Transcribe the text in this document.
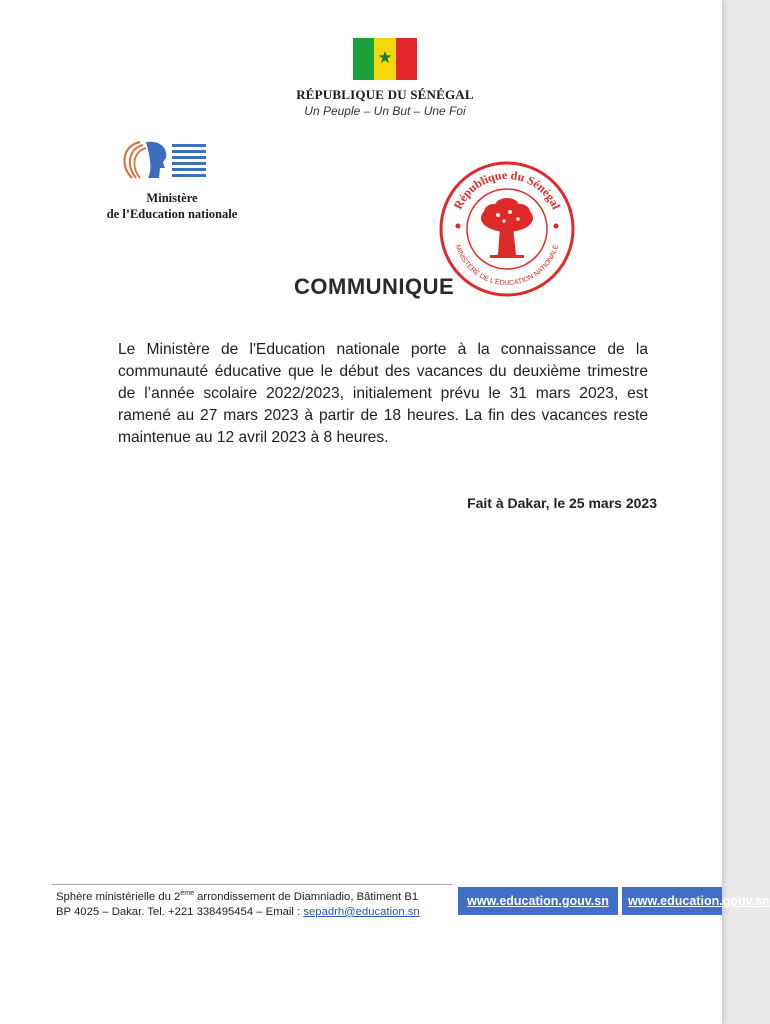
★
RÉPUBLIQUE DU SÉNÉGAL
Un Peuple – Un But – Une Foi
Ministère
de l’Education nationale
République du Sénégal
MINISTÈRE DE L'ÉDUCATION NATIONALE
COMMUNIQUE
Le Ministère de l'Education nationale porte à la connaissance de la communauté éducative que le début des vacances du deuxième trimestre de l’année scolaire 2022/2023, initialement prévu le 31 mars 2023, est ramené au 27 mars 2023 à partir de 18 heures. La fin des vacances reste maintenue au 12 avril 2023 à 8 heures.
Fait à Dakar, le 25 mars 2023
Sphère ministérielle du 2ème arrondissement de Diamniadio, Bâtiment B1
BP 4025 – Dakar. Tel. +221 338495454 – Email : sepadrh@education.sn
www.education.gouv.sn	www.education.gouv.sn
